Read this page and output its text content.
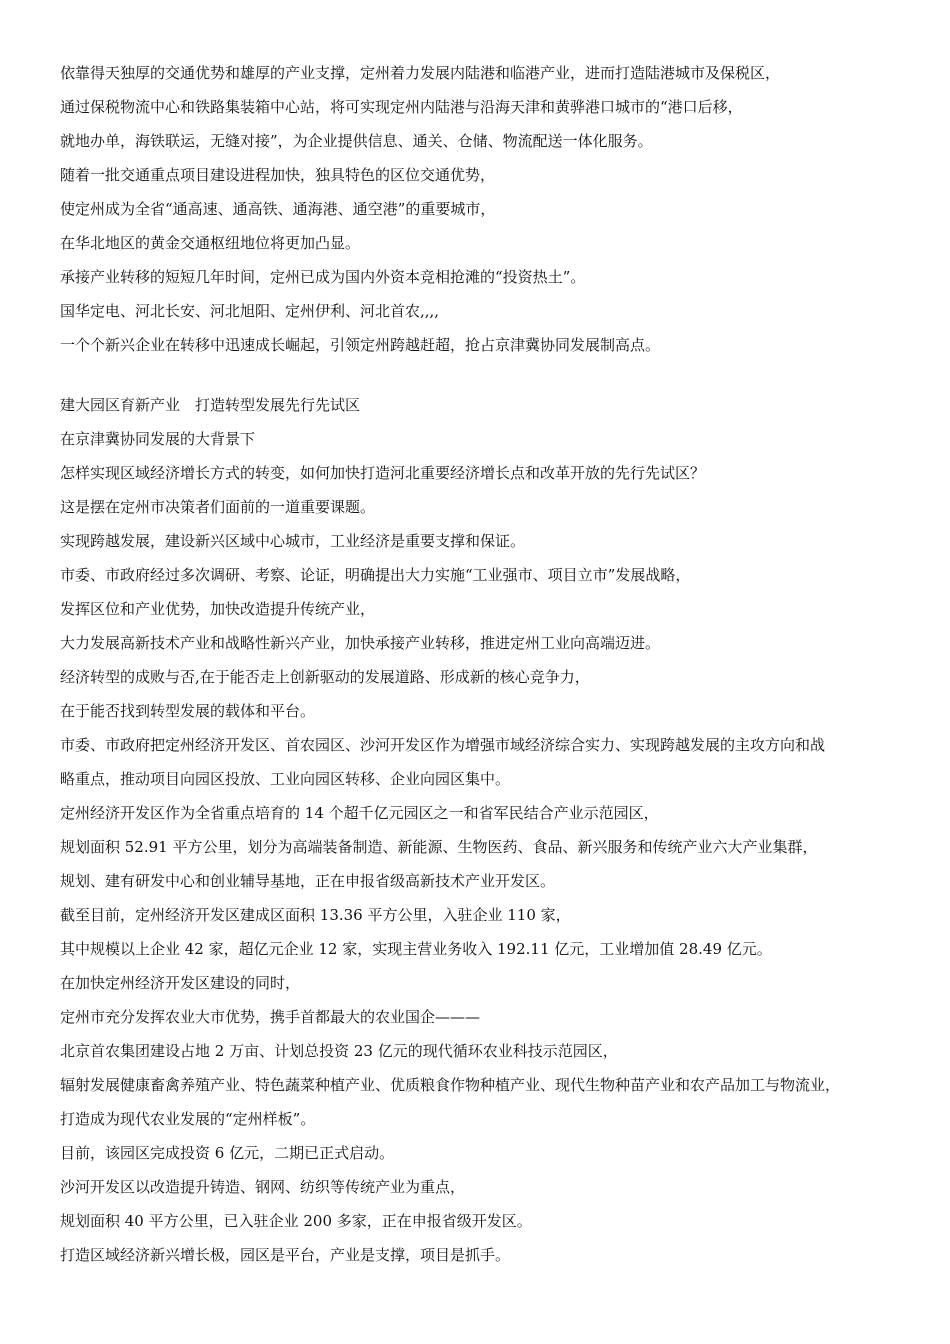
依靠得天独厚的交通优势和雄厚的产业支撑，定州着力发展内陆港和临港产业，进而打造陆港城市及保税区，

通过保税物流中心和铁路集装箱中心站，将可实现定州内陆港与沿海天津和黄骅港口城市的“港口后移，

就地办单，海铁联运，无缝对接”，为企业提供信息、通关、仓储、物流配送一体化服务。

随着一批交通重点项目建设进程加快，独具特色的区位交通优势，

使定州成为全省“通高速、通高铁、通海港、通空港”的重要城市，

在华北地区的黄金交通枢纽地位将更加凸显。

承接产业转移的短短几年时间，定州已成为国内外资本竞相抢滩的“投资热土”。

国华定电、河北长安、河北旭阳、定州伊利、河北首农,,,,

一个个新兴企业在转移中迅速成长崛起，引领定州跨越赶超，抢占京津冀协同发展制高点。

建大园区育新产业　打造转型发展先行先试区

在京津冀协同发展的大背景下

怎样实现区域经济增长方式的转变，如何加快打造河北重要经济增长点和改革开放的先行先试区？

这是摆在定州市决策者们面前的一道重要课题。

实现跨越发展，建设新兴区域中心城市，工业经济是重要支撑和保证。

市委、市政府经过多次调研、考察、论证，明确提出大力实施“工业强市、项目立市”发展战略，

发挥区位和产业优势，加快改造提升传统产业，

大力发展高新技术产业和战略性新兴产业，加快承接产业转移，推进定州工业向高端迈进。

经济转型的成败与否,在于能否走上创新驱动的发展道路、形成新的核心竞争力，

在于能否找到转型发展的载体和平台。

市委、市政府把定州经济开发区、首农园区、沙河开发区作为增强市域经济综合实力、实现跨越发展的主攻方向和战

略重点，推动项目向园区投放、工业向园区转移、企业向园区集中。

定州经济开发区作为全省重点培育的 14 个超千亿元园区之一和省军民结合产业示范园区，

规划面积 52.91 平方公里，划分为高端装备制造、新能源、生物医药、食品、新兴服务和传统产业六大产业集群，

规划、建有研发中心和创业辅导基地，正在申报省级高新技术产业开发区。

截至目前，定州经济开发区建成区面积 13.36 平方公里，入驻企业 110 家，

其中规模以上企业 42 家，超亿元企业 12 家，实现主营业务收入 192.11 亿元，工业增加值 28.49 亿元。

在加快定州经济开发区建设的同时，

定州市充分发挥农业大市优势，携手首都最大的农业国企———

北京首农集团建设占地 2 万亩、计划总投资 23 亿元的现代循环农业科技示范园区，

辐射发展健康畜禽养殖产业、特色蔬菜种植产业、优质粮食作物种植产业、现代生物种苗产业和农产品加工与物流业，

打造成为现代农业发展的“定州样板”。

目前，该园区完成投资 6 亿元，二期已正式启动。

沙河开发区以改造提升铸造、钢网、纺织等传统产业为重点，

规划面积 40 平方公里，已入驻企业 200 多家，正在申报省级开发区。

打造区域经济新兴增长极，园区是平台，产业是支撑，项目是抓手。
